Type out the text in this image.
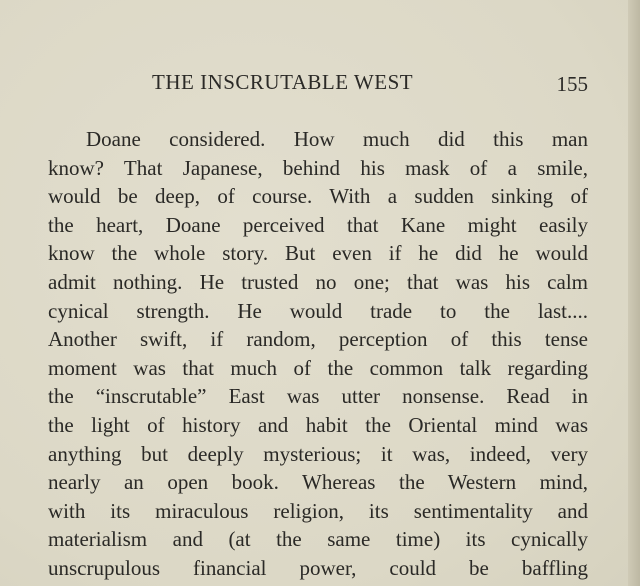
THE INSCRUTABLE WEST	155
Doane considered. How much did this man
know? That Japanese, behind his mask of a smile,
would be deep, of course. With a sudden sinking of
the heart, Doane perceived that Kane might easily
know the whole story. But even if he did he would
admit nothing. He trusted no one; that was his calm
cynical strength. He would trade to the last....
Another swift, if random, perception of this tense
moment was that much of the common talk regarding
the “inscrutable” East was utter nonsense. Read in
the light of history and habit the Oriental mind was
anything but deeply mysterious; it was, indeed, very
nearly an open book. Whereas the Western mind,
with its miraculous religion, its sentimentality and
materialism and (at the same time) its cynically
unscrupulous financial power, could be baffling
